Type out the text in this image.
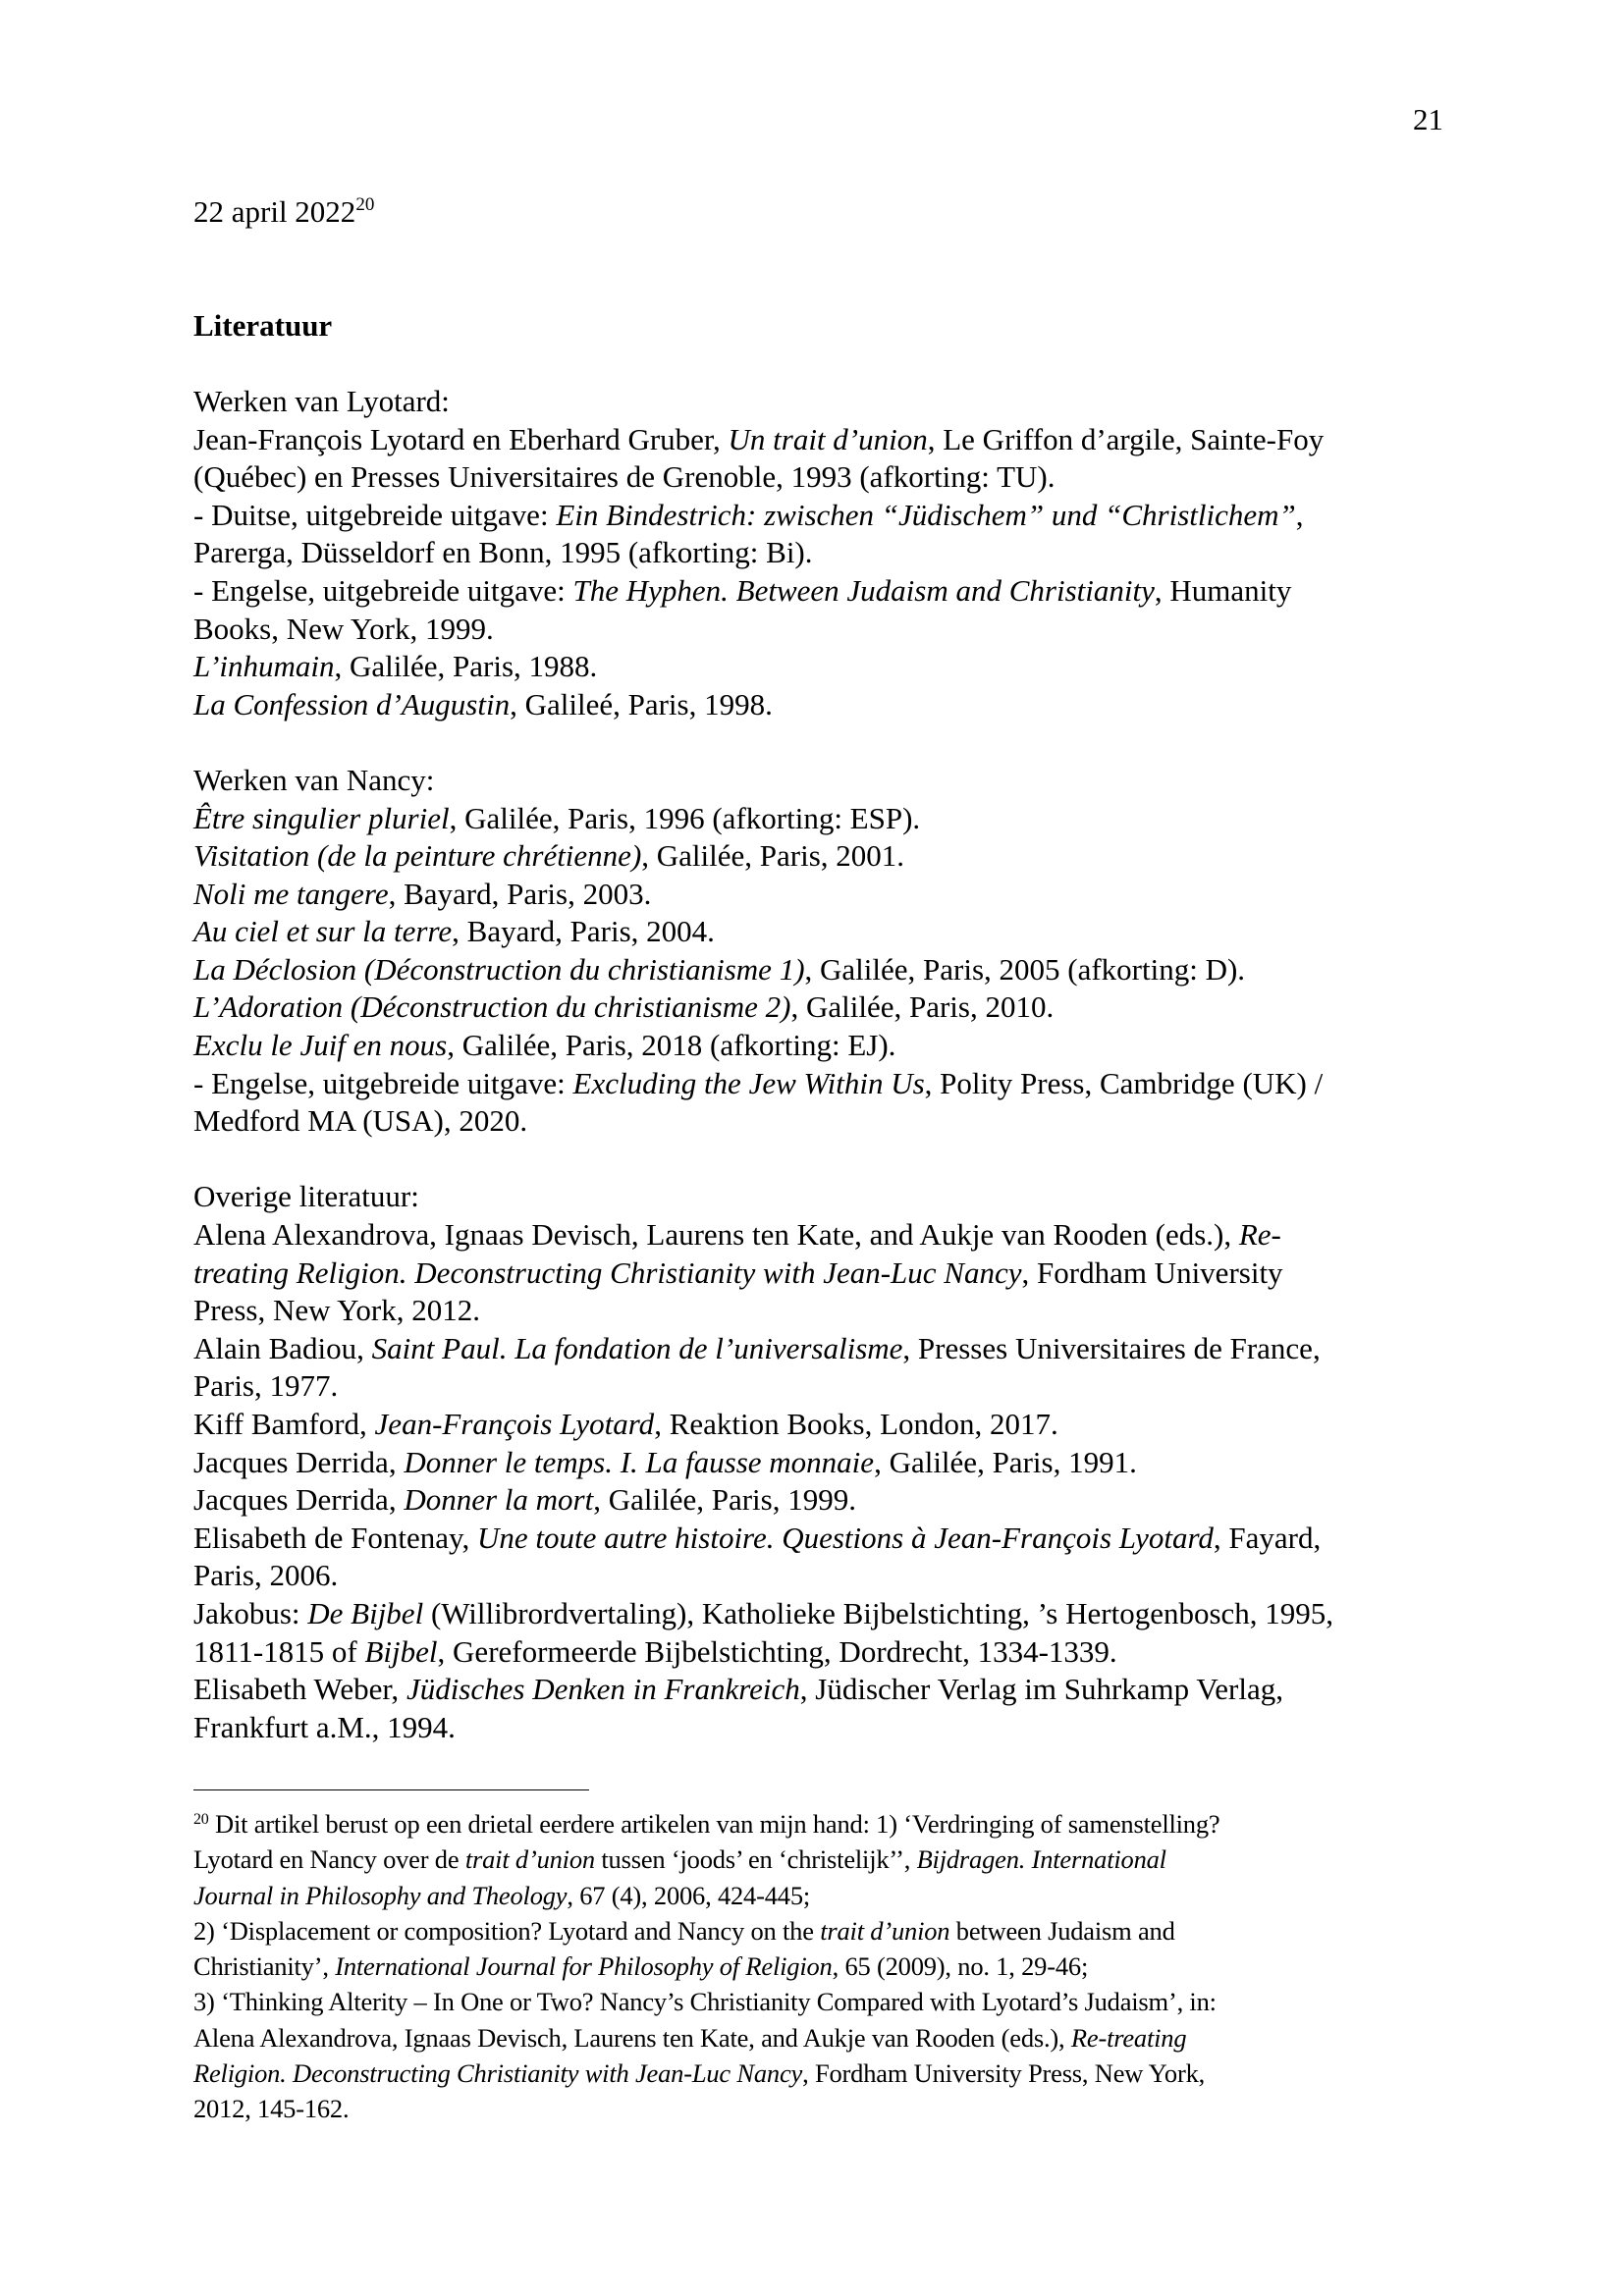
21
22 april 2022$^{20}$
Literatuur
Werken van Lyotard:
Jean-François Lyotard en Eberhard Gruber, Un trait d’union, Le Griffon d’argile, Sainte-Foy
(Québec) en Presses Universitaires de Grenoble, 1993 (afkorting: TU).
- Duitse, uitgebreide uitgave: Ein Bindestrich: zwischen “Jüdischem” und “Christlichem”,
Parerga, Düsseldorf en Bonn, 1995 (afkorting: Bi).
- Engelse, uitgebreide uitgave: The Hyphen. Between Judaism and Christianity, Humanity
Books, New York, 1999.
L’inhumain, Galilée, Paris, 1988.
La Confession d’Augustin, Galileé, Paris, 1998.
Werken van Nancy:
Être singulier pluriel, Galilée, Paris, 1996 (afkorting: ESP).
Visitation (de la peinture chrétienne), Galilée, Paris, 2001.
Noli me tangere, Bayard, Paris, 2003.
Au ciel et sur la terre, Bayard, Paris, 2004.
La Déclosion (Déconstruction du christianisme 1), Galilée, Paris, 2005 (afkorting: D).
L’Adoration (Déconstruction du christianisme 2), Galilée, Paris, 2010.
Exclu le Juif en nous, Galilée, Paris, 2018 (afkorting: EJ).
- Engelse, uitgebreide uitgave: Excluding the Jew Within Us, Polity Press, Cambridge (UK) /
Medford MA (USA), 2020.
Overige literatuur:
Alena Alexandrova, Ignaas Devisch, Laurens ten Kate, and Aukje van Rooden (eds.), Re-
treating Religion. Deconstructing Christianity with Jean-Luc Nancy, Fordham University
Press, New York, 2012.
Alain Badiou, Saint Paul. La fondation de l’universalisme, Presses Universitaires de France,
Paris, 1977.
Kiff Bamford, Jean-François Lyotard, Reaktion Books, London, 2017.
Jacques Derrida, Donner le temps. I. La fausse monnaie, Galilée, Paris, 1991.
Jacques Derrida, Donner la mort, Galilée, Paris, 1999.
Elisabeth de Fontenay, Une toute autre histoire. Questions à Jean-François Lyotard, Fayard,
Paris, 2006.
Jakobus: De Bijbel (Willibrordvertaling), Katholieke Bijbelstichting, ’s Hertogenbosch, 1995,
1811-1815 of Bijbel, Gereformeerde Bijbelstichting, Dordrecht, 1334-1339.
Elisabeth Weber, Jüdisches Denken in Frankreich, Jüdischer Verlag im Suhrkamp Verlag,
Frankfurt a.M., 1994.
$^{20}$ Dit artikel berust op een drietal eerdere artikelen van mijn hand: 1) ‘Verdringing of samenstelling?
Lyotard en Nancy over de trait d’union tussen ‘joods’ en ‘christelijk’’, Bijdragen. International
Journal in Philosophy and Theology, 67 (4), 2006, 424-445;
2) ‘Displacement or composition? Lyotard and Nancy on the trait d’union between Judaism and
Christianity’, International Journal for Philosophy of Religion, 65 (2009), no. 1, 29-46;
3) ‘Thinking Alterity – In One or Two? Nancy’s Christianity Compared with Lyotard’s Judaism’, in:
Alena Alexandrova, Ignaas Devisch, Laurens ten Kate, and Aukje van Rooden (eds.), Re-treating
Religion. Deconstructing Christianity with Jean-Luc Nancy, Fordham University Press, New York,
2012, 145-162.
